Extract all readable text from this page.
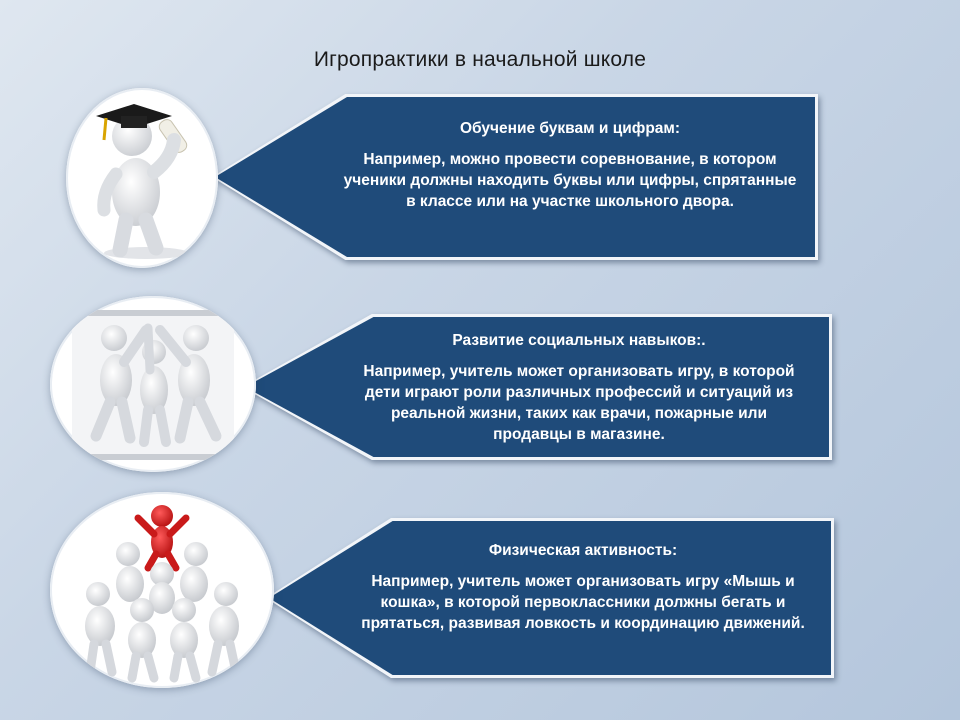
Игропрактики в начальной школе
Обучение буквам и цифрам:
Например, можно провести соревнование, в котором ученики должны находить буквы или цифры, спрятанные в классе или на участке школьного двора.
Развитие социальных навыков:.
Например, учитель может организовать игру, в которой дети играют роли различных профессий и ситуаций из реальной жизни, таких как врачи, пожарные или продавцы в магазине.
Физическая активность:
Например, учитель может организовать игру «Мышь и кошка», в которой первоклассники должны бегать и прятаться, развивая ловкость и координацию движений.
